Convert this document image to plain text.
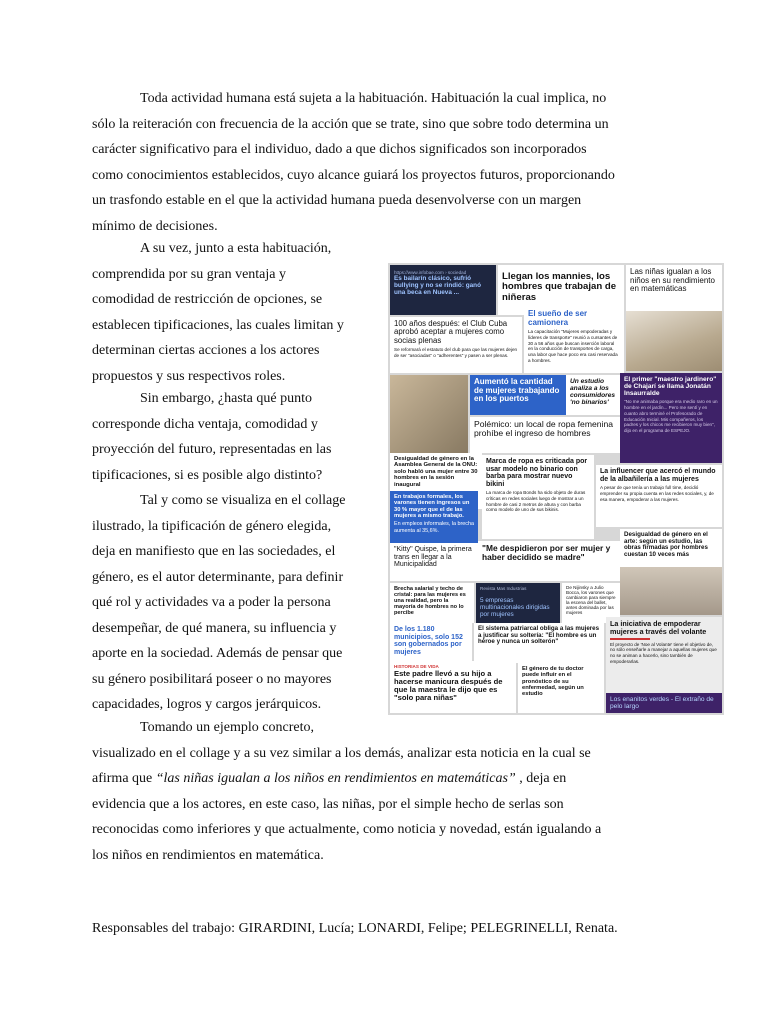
Toda actividad humana está sujeta a la habituación. Habituación la cual implica, no
sólo la reiteración con frecuencia de la acción que se trate, sino que sobre todo determina un
carácter significativo para el individuo, dado a que dichos significados son incorporados
como conocimientos establecidos, cuyo alcance guiará los proyectos futuros, proporcionando
un trasfondo estable en el que la actividad humana pueda desenvolverse con un margen
mínimo de decisiones.

A su vez, junto a esta habituación,
comprendida por su gran ventaja y
comodidad de restricción de opciones, se
establecen tipificaciones, las cuales limitan y
determinan ciertas acciones a los actores
propuestos y sus respectivos roles.

Sin embargo, ¿hasta qué punto
corresponde dicha ventaja, comodidad y
proyección del futuro, representadas en las
tipificaciones, si es posible algo distinto?

Tal y como se visualiza en el collage
ilustrado, la tipificación de género elegida,
deja en manifiesto que en las sociedades, el
género, es el autor determinante, para definir
qué rol y actividades va a poder la persona
desempeñar, de qué manera, su influencia y
aporte en la sociedad. Además de pensar que
su género posibilitará poseer o no mayores
capacidades, logros y cargos jerárquicos.

Tomando un ejemplo concreto,
visualizado en el collage y a su vez similar a los demás, analizar esta noticia en la cual se
afirma que “las niñas igualan a los niños en rendimientos en matemáticas” , deja en
evidencia que a los actores, en este caso, las niñas, por el simple hecho de serlas son
reconocidas como inferiores y que actualmente, como noticia y novedad, están igualando a
los niños en rendimientos en matemática.

Responsables del trabajo: GIRARDINI, Lucía; LONARDI, Felipe; PELEGRINELLI, Renata.

https://www.infobae.com › sociedad
Es bailarín clásico, sufrió bullying y no se rindió: ganó una beca en Nueva ...
Llegan los mannies, los hombres que trabajan de niñeras
Las niñas igualan a los niños en su rendimiento en matemáticas
100 años después: el Club Cuba aprobó aceptar a mujeres como socias plenas
Se reformará el estatuto del club para que las mujeres dejen de ser "asociadas" o "adherentes" y pasen a ser plenas.
El sueño de ser camionera
La capacitación "Mujeres empoderadas y líderes de transporte" reunió a cursantes de 30 a 56 años que buscan inserción laboral en la conducción de transportes de carga, una labor que hace poco era casi reservada a hombres.
Aumentó la cantidad de mujeres trabajando en los puertos
Un estudio analiza a los consumidores 'no binarios'
El primer "maestro jardinero" de Chajarí se llama Jonatán Insaurralde
"No me animaba porque era medio raro en un hombre en el jardín... Pero me sentí y en cuanto abro terminé el Profesorado de Educación Inicial. Mis compañeros, los padres y los chicos me recibieron muy bien", dijo en el programa de ESPEJO.
Polémico: un local de ropa femenina prohíbe el ingreso de hombres
Desigualdad de género en la Asamblea General de la ONU: solo habló una mujer entre 30 hombres en la sesión inaugural
Marca de ropa es criticada por usar modelo no binario con barba para mostrar nuevo bikini
La marca de ropa Bonds ha sido objeto de duras críticas en redes sociales luego de mostrar a un hombre de casi 2 metros de altura y con barba como modelo de uno de sus bikinis.
La influencer que acercó el mundo de la albañilería a las mujeres
A pesar de que tenía un trabajo full time, decidió emprender su propia cuenta en las redes sociales, y, de esa manera, empoderar a las mujeres.
En trabajos formales, los varones tienen ingresos un 30 % mayor que el de las mujeres a mismo trabajo.
En empleos informales, la brecha aumenta al 35,6%.
"Kitty" Quispe, la primera trans en llegar a la Municipalidad
"Me despidieron por ser mujer y haber decidido se madre"
Desigualdad de género en el arte: según un estudio, las obras firmadas por hombres cuestan 10 veces más
Brecha salarial y techo de cristal: para las mujeres es una realidad, pero la mayoría de hombres no lo percibe
Revista Mas Industrias
5 empresas multinacionales dirigidas por mujeres
De Nijinsky a Julio Bocca, los varones que cambiaron para siempre la escena del ballet, antes dominada por las mujeres
De los 1.180 municipios, solo 152 son gobernados por mujeres
El sistema patriarcal obliga a las mujeres a justificar su soltería: "El hombre es un héroe y nunca un solterón"
La iniciativa de empoderar mujeres a través del volante
El proyecto de 'Noe al Volante' tiene el objetivo de, no sólo enseñarle a manejar a aquellas mujeres que no se animan a hacerlo, sino también de empoderarlas.
HISTORIAS DE VIDA
Este padre llevó a su hijo a hacerse manicura después de que la maestra le dijo que es "solo para niñas"
El género de tu doctor puede influir en el pronóstico de su enfermedad, según un estudio
Los enanitos verdes - El extraño de pelo largo
